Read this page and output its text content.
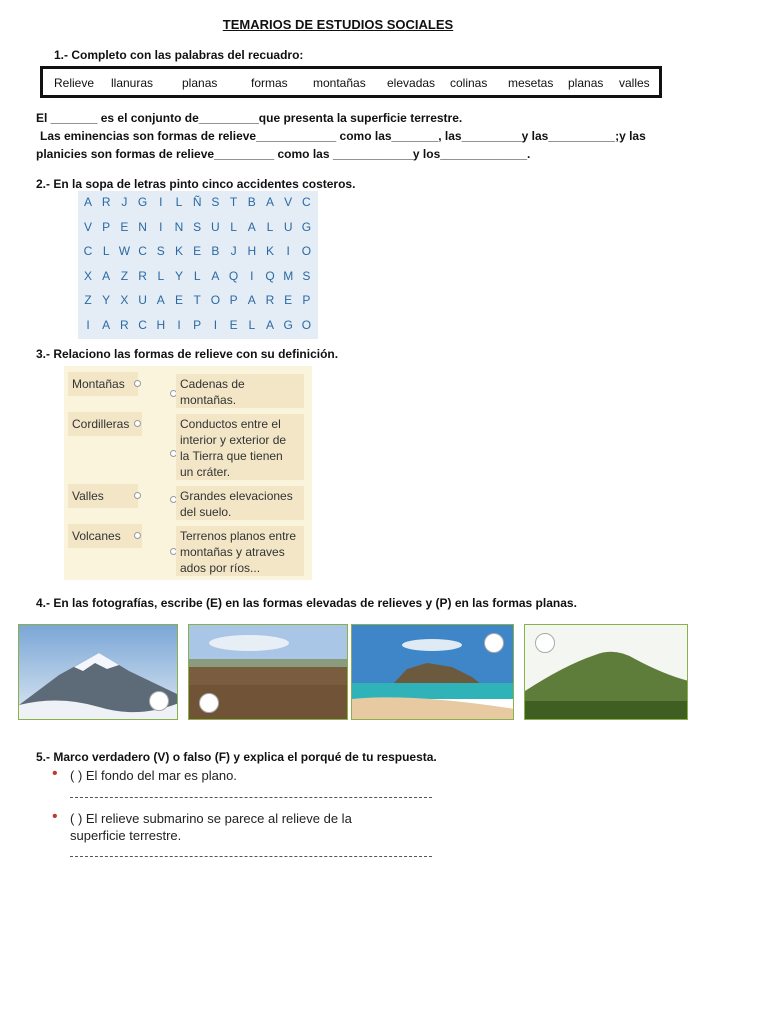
TEMARIOS DE ESTUDIOS SOCIALES
1.- Completo con las palabras del recuadro:
Relieve llanuras planas	formas montañas elevadas colinas mesetas planas valles
El _______ es el conjunto de_________que presenta la superficie terrestre.
Las eminencias son formas de relieve____________ como las_______, las_________y las__________;y las
planicies son formas de relieve_________ como las ____________y los_____________.
2.- En la sopa de letras pinto cinco accidentes costeros.
A R J G I	L Ñ S T B A V C
V P E N	I	N S U L A L U G
C L W C S K E B J H K	I O
X A Z R L Y L A Q I Q M S
Z Y X U A E T O P A R E P
I	A R C H	I	P	I	E L A G O
3.- Relaciono las formas de relieve con su definición.
Montañas
Cordilleras
Valles
Volcanes
Cadenas de
montañas.
Conductos entre el
interior y exterior de
la Tierra que tienen
un cráter.
Grandes elevaciones
del suelo.
Terrenos planos entre
montañas y atraves
ados por ríos...
4.- En las fotografías, escribe (E) en las formas elevadas de relieves y (P) en las formas planas.
5.- Marco verdadero (V) o falso (F) y explica el porqué de tu respuesta.
• ( ) El fondo del mar es plano.
• ( ) El relieve submarino se parece al relieve de la
superficie terrestre.
